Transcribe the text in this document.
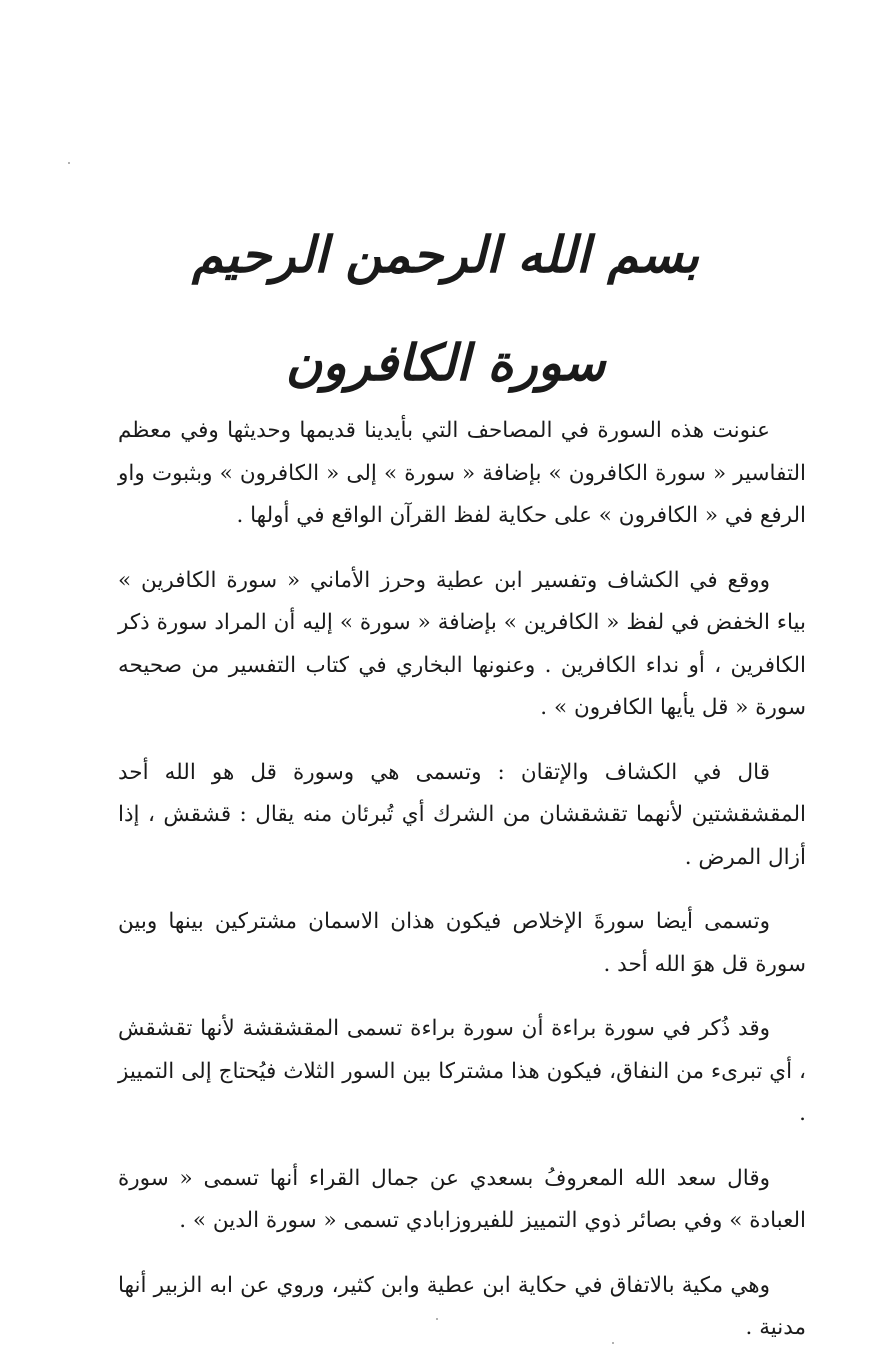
بسم الله الرحمن الرحيم
سورة الكافرون

عنونت هذه السورة في المصاحف التي بأيدينا قديمها وحديثها وفي معظم التفاسير « سورة الكافرون » بإضافة « سورة » إلى « الكافرون » وبثبوت واو الرفع في « الكافرون » على حكاية لفظ القرآن الواقع في أولها .

ووقع في الكشاف وتفسير ابن عطية وحرز الأماني « سورة الكافرين » بياء الخفض في لفظ « الكافرين » بإضافة « سورة » إليه أن المراد سورة ذكر الكافرين ، أو نداء الكافرين . وعنونها البخاري في كتاب التفسير من صحيحه سورة « قل يأيها الكافرون » .

قال في الكشاف والإتقان : وتسمى هي وسورة قل هو الله أحد المقشقشتين لأنهما تقشقشان من الشرك أي تُبرئان منه يقال : قشقش ، إذا أزال المرض .

وتسمى أيضا سورةَ الإخلاص فيكون هذان الاسمان مشتركين بينها وبين سورة قل هوَ الله أحد .

وقد ذُكر في سورة براءة أن سورة براءة تسمى المقشقشة لأنها تقشقش ، أي تبرىء من النفاق، فيكون هذا مشتركا بين السور الثلاث فيُحتاج إلى التمييز .

وقال سعد الله المعروفُ بسعدي عن جمال القراء أنها تسمى « سورة العبادة » وفي بصائر ذوي التمييز للفيروزابادي تسمى « سورة الدين » .

وهي مكية بالاتفاق في حكاية ابن عطية وابن كثير، وروي عن ابه الزبير أنها مدنية .
